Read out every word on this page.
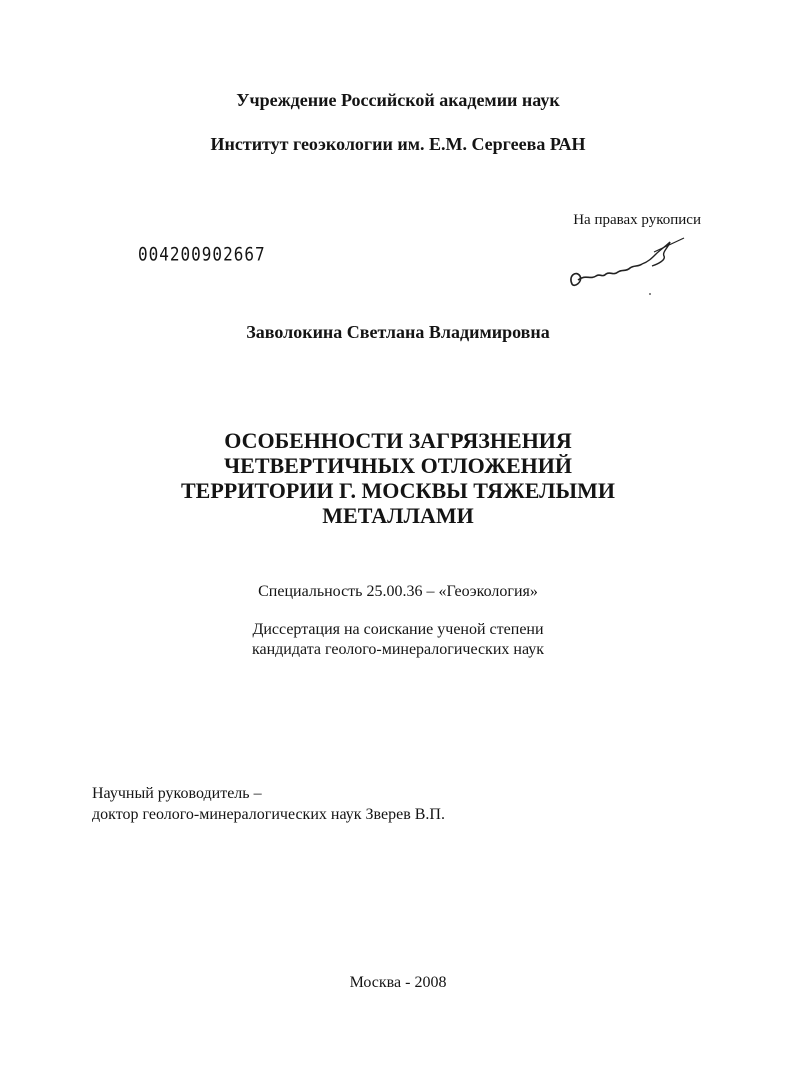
Учреждение Российской академии наук
Институт геоэкологии им. Е.М. Сергеева РАН
На правах рукописи
004200902667
Заволокина Светлана Владимировна
ОСОБЕННОСТИ ЗАГРЯЗНЕНИЯ
ЧЕТВЕРТИЧНЫХ ОТЛОЖЕНИЙ
ТЕРРИТОРИИ Г. МОСКВЫ ТЯЖЕЛЫМИ
МЕТАЛЛАМИ
Специальность 25.00.36 – «Геоэкология»
Диссертация на соискание ученой степени
кандидата геолого-минералогических наук
Научный руководитель –
доктор геолого-минералогических наук Зверев В.П.
Москва - 2008
